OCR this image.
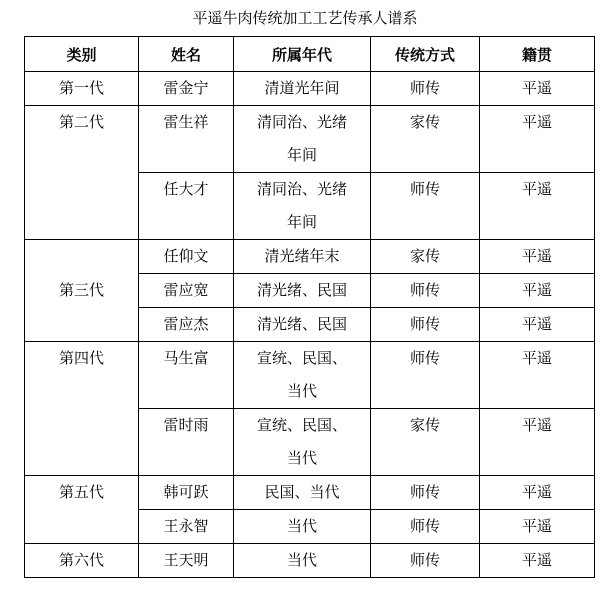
平遥牛肉传统加工工艺传承人谱系
类别	姓名	所属年代	传统方式	籍贯
第一代	雷金宁	清道光年间	师传	平遥
第二代	雷生祥	清同治、光绪年间	家传	平遥
	任大才	清同治、光绪年间	师传	平遥
第三代	任仰文	清光绪年末	家传	平遥
	雷应宽	清光绪、民国	师传	平遥
	雷应杰	清光绪、民国	师传	平遥
第四代	马生富	宣统、民国、当代	师传	平遥
	雷时雨	宣统、民国、当代	家传	平遥
第五代	韩可跃	民国、当代	师传	平遥
	王永智	当代	师传	平遥
第六代	王天明	当代	师传	平遥
